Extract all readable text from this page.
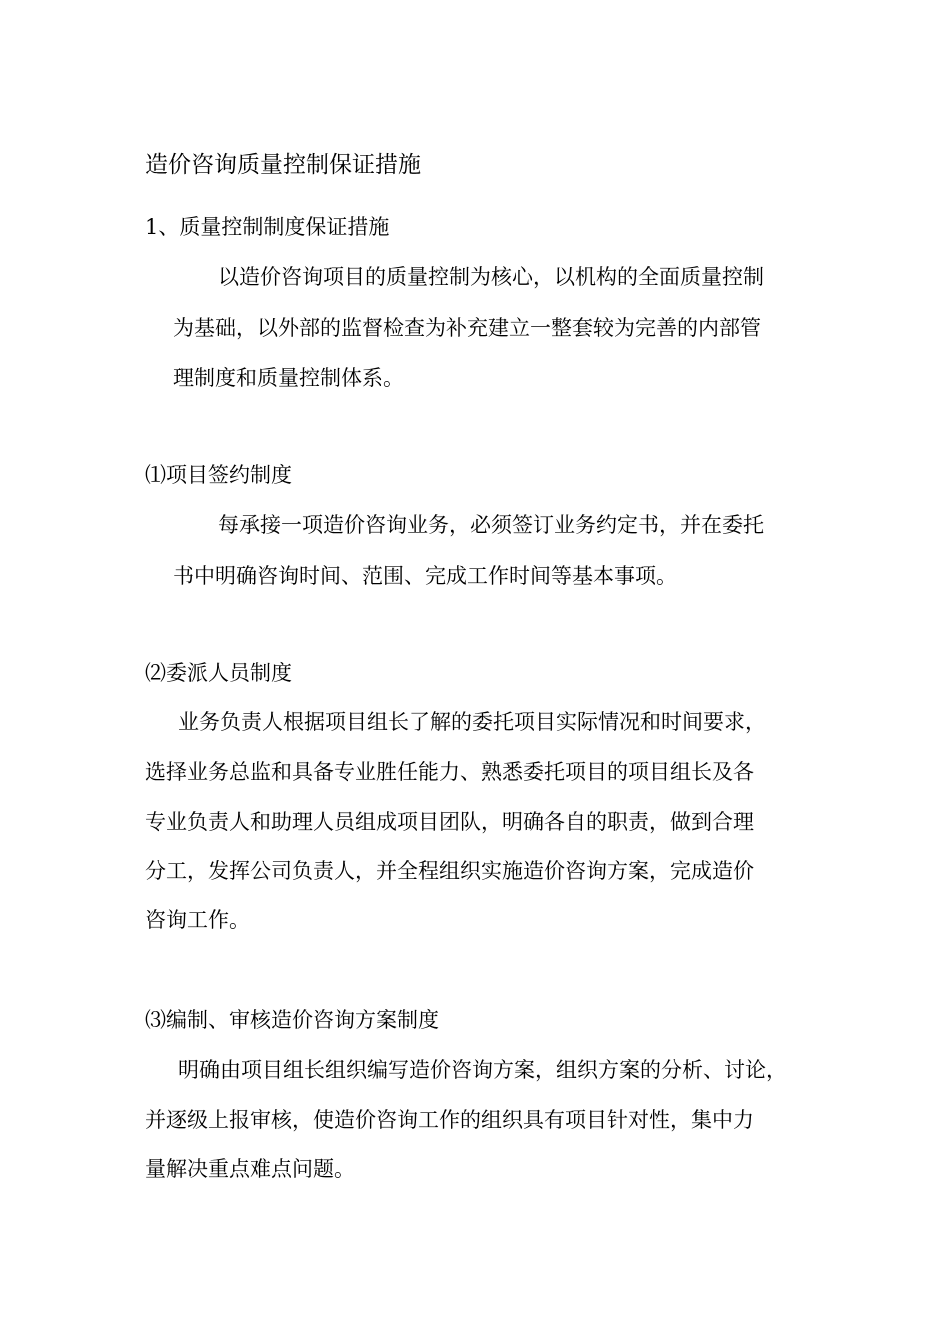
造价咨询质量控制保证措施
1、质量控制制度保证措施
以造价咨询项目的质量控制为核心，以机构的全面质量控制
为基础，以外部的监督检查为补充建立一整套较为完善的内部管
理制度和质量控制体系。
⑴项目签约制度
每承接一项造价咨询业务，必须签订业务约定书，并在委托
书中明确咨询时间、范围、完成工作时间等基本事项。
⑵委派人员制度
业务负责人根据项目组长了解的委托项目实际情况和时间要求，
选择业务总监和具备专业胜任能力、熟悉委托项目的项目组长及各
专业负责人和助理人员组成项目团队，明确各自的职责，做到合理
分工，发挥公司负责人，并全程组织实施造价咨询方案，完成造价
咨询工作。
⑶编制、审核造价咨询方案制度
明确由项目组长组织编写造价咨询方案，组织方案的分析、讨论，
并逐级上报审核，使造价咨询工作的组织具有项目针对性，集中力
量解决重点难点问题。
